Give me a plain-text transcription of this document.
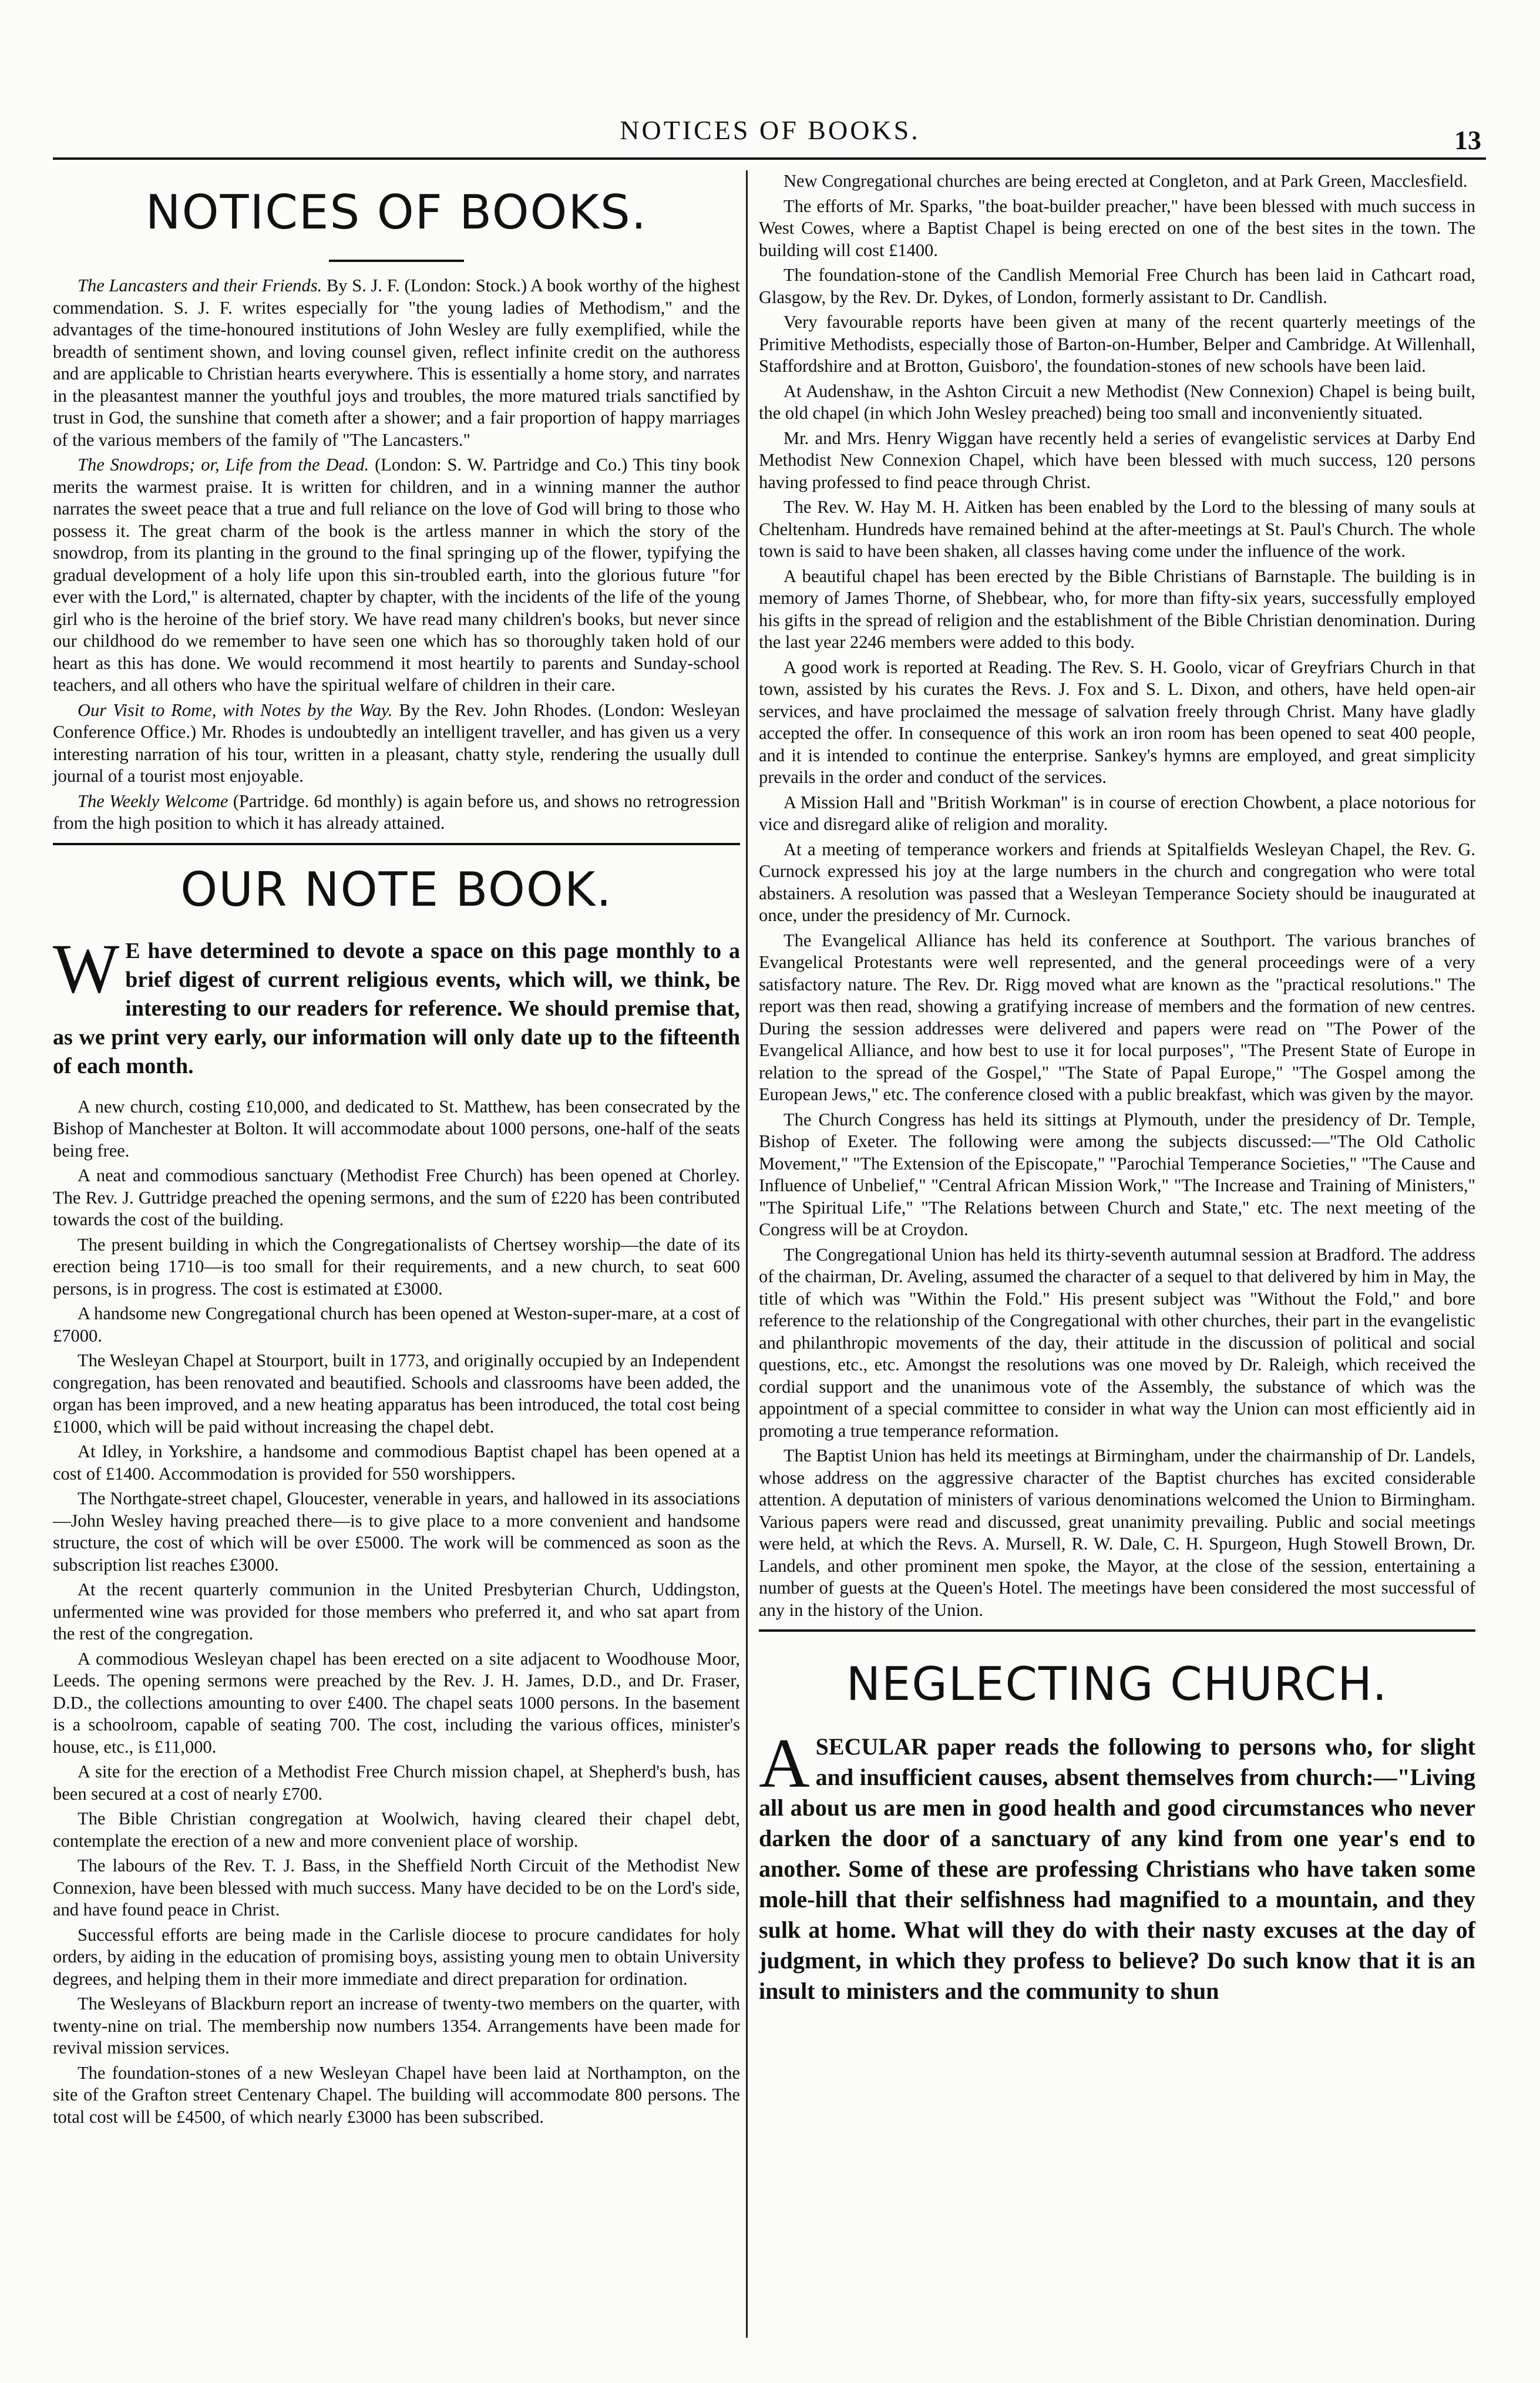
NOTICES OF BOOKS.	13
NOTICES OF BOOKS.

The Lancasters and their Friends. By S. J. F. (London: Stock.) A book worthy of the highest commendation. S. J. F. writes especially for "the young ladies of Methodism," and the advantages of the time-honoured institutions of John Wesley are fully exemplified, while the breadth of sentiment shown, and loving counsel given, reflect infinite credit on the authoress and are applicable to Christian hearts everywhere. This is essentially a home story, and narrates in the pleasantest manner the youthful joys and troubles, the more matured trials sanctified by trust in God, the sunshine that cometh after a shower; and a fair proportion of happy marriages of the various members of the family of "The Lancasters."

The Snowdrops; or, Life from the Dead. (London: S. W. Partridge and Co.) This tiny book merits the warmest praise. It is written for children, and in a winning manner the author narrates the sweet peace that a true and full reliance on the love of God will bring to those who possess it. The great charm of the book is the artless manner in which the story of the snowdrop, from its planting in the ground to the final springing up of the flower, typifying the gradual development of a holy life upon this sin-troubled earth, into the glorious future "for ever with the Lord," is alternated, chapter by chapter, with the incidents of the life of the young girl who is the heroine of the brief story. We have read many children's books, but never since our childhood do we remember to have seen one which has so thoroughly taken hold of our heart as this has done. We would recommend it most heartily to parents and Sunday-school teachers, and all others who have the spiritual welfare of children in their care.

Our Visit to Rome, with Notes by the Way. By the Rev. John Rhodes. (London: Wesleyan Conference Office.) Mr. Rhodes is undoubtedly an intelligent traveller, and has given us a very interesting narration of his tour, written in a pleasant, chatty style, rendering the usually dull journal of a tourist most enjoyable.

The Weekly Welcome (Partridge. 6d monthly) is again before us, and shows no retrogression from the high position to which it has already attained.

OUR NOTE BOOK.

W E have determined to devote a space on this page monthly to a brief digest of current religious events, which will, we think, be interesting to our readers for reference. We should premise that, as we print very early, our information will only date up to the fifteenth of each month.

A new church, costing £10,000, and dedicated to St. Matthew, has been consecrated by the Bishop of Manchester at Bolton. It will accommodate about 1000 persons, one-half of the seats being free.

A neat and commodious sanctuary (Methodist Free Church) has been opened at Chorley. The Rev. J. Guttridge preached the opening sermons, and the sum of £220 has been contributed towards the cost of the building.

The present building in which the Congregationalists of Chertsey worship—the date of its erection being 1710—is too small for their requirements, and a new church, to seat 600 persons, is in progress. The cost is estimated at £3000.

A handsome new Congregational church has been opened at Weston-super-mare, at a cost of £7000.

The Wesleyan Chapel at Stourport, built in 1773, and originally occupied by an Independent congregation, has been renovated and beautified. Schools and classrooms have been added, the organ has been improved, and a new heating apparatus has been introduced, the total cost being £1000, which will be paid without increasing the chapel debt.

At Idley, in Yorkshire, a handsome and commodious Baptist chapel has been opened at a cost of £1400. Accommodation is provided for 550 worshippers.

The Northgate-street chapel, Gloucester, venerable in years, and hallowed in its associations—John Wesley having preached there—is to give place to a more convenient and handsome structure, the cost of which will be over £5000. The work will be commenced as soon as the subscription list reaches £3000.

At the recent quarterly communion in the United Presbyterian Church, Uddingston, unfermented wine was provided for those members who preferred it, and who sat apart from the rest of the congregation.

A commodious Wesleyan chapel has been erected on a site adjacent to Woodhouse Moor, Leeds. The opening sermons were preached by the Rev. J. H. James, D.D., and Dr. Fraser, D.D., the collections amounting to over £400. The chapel seats 1000 persons. In the basement is a schoolroom, capable of seating 700. The cost, including the various offices, minister's house, etc., is £11,000.

A site for the erection of a Methodist Free Church mission chapel, at Shepherd's bush, has been secured at a cost of nearly £700.

The Bible Christian congregation at Woolwich, having cleared their chapel debt, contemplate the erection of a new and more convenient place of worship.

The labours of the Rev. T. J. Bass, in the Sheffield North Circuit of the Methodist New Connexion, have been blessed with much success. Many have decided to be on the Lord's side, and have found peace in Christ.

Successful efforts are being made in the Carlisle diocese to procure candidates for holy orders, by aiding in the education of promising boys, assisting young men to obtain University degrees, and helping them in their more immediate and direct preparation for ordination.

The Wesleyans of Blackburn report an increase of twenty-two members on the quarter, with twenty-nine on trial. The membership now numbers 1354. Arrangements have been made for revival mission services.

The foundation-stones of a new Wesleyan Chapel have been laid at Northampton, on the site of the Grafton street Centenary Chapel. The building will accommodate 800 persons. The total cost will be £4500, of which nearly £3000 has been subscribed.

New Congregational churches are being erected at Congleton, and at Park Green, Macclesfield.

The efforts of Mr. Sparks, "the boat-builder preacher," have been blessed with much success in West Cowes, where a Baptist Chapel is being erected on one of the best sites in the town. The building will cost £1400.

The foundation-stone of the Candlish Memorial Free Church has been laid in Cathcart road, Glasgow, by the Rev. Dr. Dykes, of London, formerly assistant to Dr. Candlish.

Very favourable reports have been given at many of the recent quarterly meetings of the Primitive Methodists, especially those of Barton-on-Humber, Belper and Cambridge. At Willenhall, Staffordshire and at Brotton, Guisboro', the foundation-stones of new schools have been laid.

At Audenshaw, in the Ashton Circuit a new Methodist (New Connexion) Chapel is being built, the old chapel (in which John Wesley preached) being too small and inconveniently situated.

Mr. and Mrs. Henry Wiggan have recently held a series of evangelistic services at Darby End Methodist New Connexion Chapel, which have been blessed with much success, 120 persons having professed to find peace through Christ.

The Rev. W. Hay M. H. Aitken has been enabled by the Lord to the blessing of many souls at Cheltenham. Hundreds have remained behind at the after-meetings at St. Paul's Church. The whole town is said to have been shaken, all classes having come under the influence of the work.

A beautiful chapel has been erected by the Bible Christians of Barnstaple. The building is in memory of James Thorne, of Shebbear, who, for more than fifty-six years, successfully employed his gifts in the spread of religion and the establishment of the Bible Christian denomination. During the last year 2246 members were added to this body.

A good work is reported at Reading. The Rev. S. H. Goolo, vicar of Greyfriars Church in that town, assisted by his curates the Revs. J. Fox and S. L. Dixon, and others, have held open-air services, and have proclaimed the message of salvation freely through Christ. Many have gladly accepted the offer. In consequence of this work an iron room has been opened to seat 400 people, and it is intended to continue the enterprise. Sankey's hymns are employed, and great simplicity prevails in the order and conduct of the services.

A Mission Hall and "British Workman" is in course of erection Chowbent, a place notorious for vice and disregard alike of religion and morality.

At a meeting of temperance workers and friends at Spitalfields Wesleyan Chapel, the Rev. G. Curnock expressed his joy at the large numbers in the church and congregation who were total abstainers. A resolution was passed that a Wesleyan Temperance Society should be inaugurated at once, under the presidency of Mr. Curnock.

The Evangelical Alliance has held its conference at Southport. The various branches of Evangelical Protestants were well represented, and the general proceedings were of a very satisfactory nature. The Rev. Dr. Rigg moved what are known as the "practical resolutions." The report was then read, showing a gratifying increase of members and the formation of new centres. During the session addresses were delivered and papers were read on "The Power of the Evangelical Alliance, and how best to use it for local purposes", "The Present State of Europe in relation to the spread of the Gospel," "The State of Papal Europe," "The Gospel among the European Jews," etc. The conference closed with a public breakfast, which was given by the mayor.

The Church Congress has held its sittings at Plymouth, under the presidency of Dr. Temple, Bishop of Exeter. The following were among the subjects discussed:—"The Old Catholic Movement," "The Extension of the Episcopate," "Parochial Temperance Societies," "The Cause and Influence of Unbelief," "Central African Mission Work," "The Increase and Training of Ministers," "The Spiritual Life," "The Relations between Church and State," etc. The next meeting of the Congress will be at Croydon.

The Congregational Union has held its thirty-seventh autumnal session at Bradford. The address of the chairman, Dr. Aveling, assumed the character of a sequel to that delivered by him in May, the title of which was "Within the Fold." His present subject was "Without the Fold," and bore reference to the relationship of the Congregational with other churches, their part in the evangelistic and philanthropic movements of the day, their attitude in the discussion of political and social questions, etc., etc. Amongst the resolutions was one moved by Dr. Raleigh, which received the cordial support and the unanimous vote of the Assembly, the substance of which was the appointment of a special committee to consider in what way the Union can most efficiently aid in promoting a true temperance reformation.

The Baptist Union has held its meetings at Birmingham, under the chairmanship of Dr. Landels, whose address on the aggressive character of the Baptist churches has excited considerable attention. A deputation of ministers of various denominations welcomed the Union to Birmingham. Various papers were read and discussed, great unanimity prevailing. Public and social meetings were held, at which the Revs. A. Mursell, R. W. Dale, C. H. Spurgeon, Hugh Stowell Brown, Dr. Landels, and other prominent men spoke, the Mayor, at the close of the session, entertaining a number of guests at the Queen's Hotel. The meetings have been considered the most successful of any in the history of the Union.

NEGLECTING CHURCH.

ASECULAR paper reads the following to persons who, for slight and insufficient causes, absent themselves from church:—"Living all about us are men in good health and good circumstances who never darken the door of a sanctuary of any kind from one year's end to another. Some of these are professing Christians who have taken some mole-hill that their selfishness had magnified to a mountain, and they sulk at home. What will they do with their nasty excuses at the day of judgment, in which they profess to believe? Do such know that it is an insult to ministers and the community to shun
